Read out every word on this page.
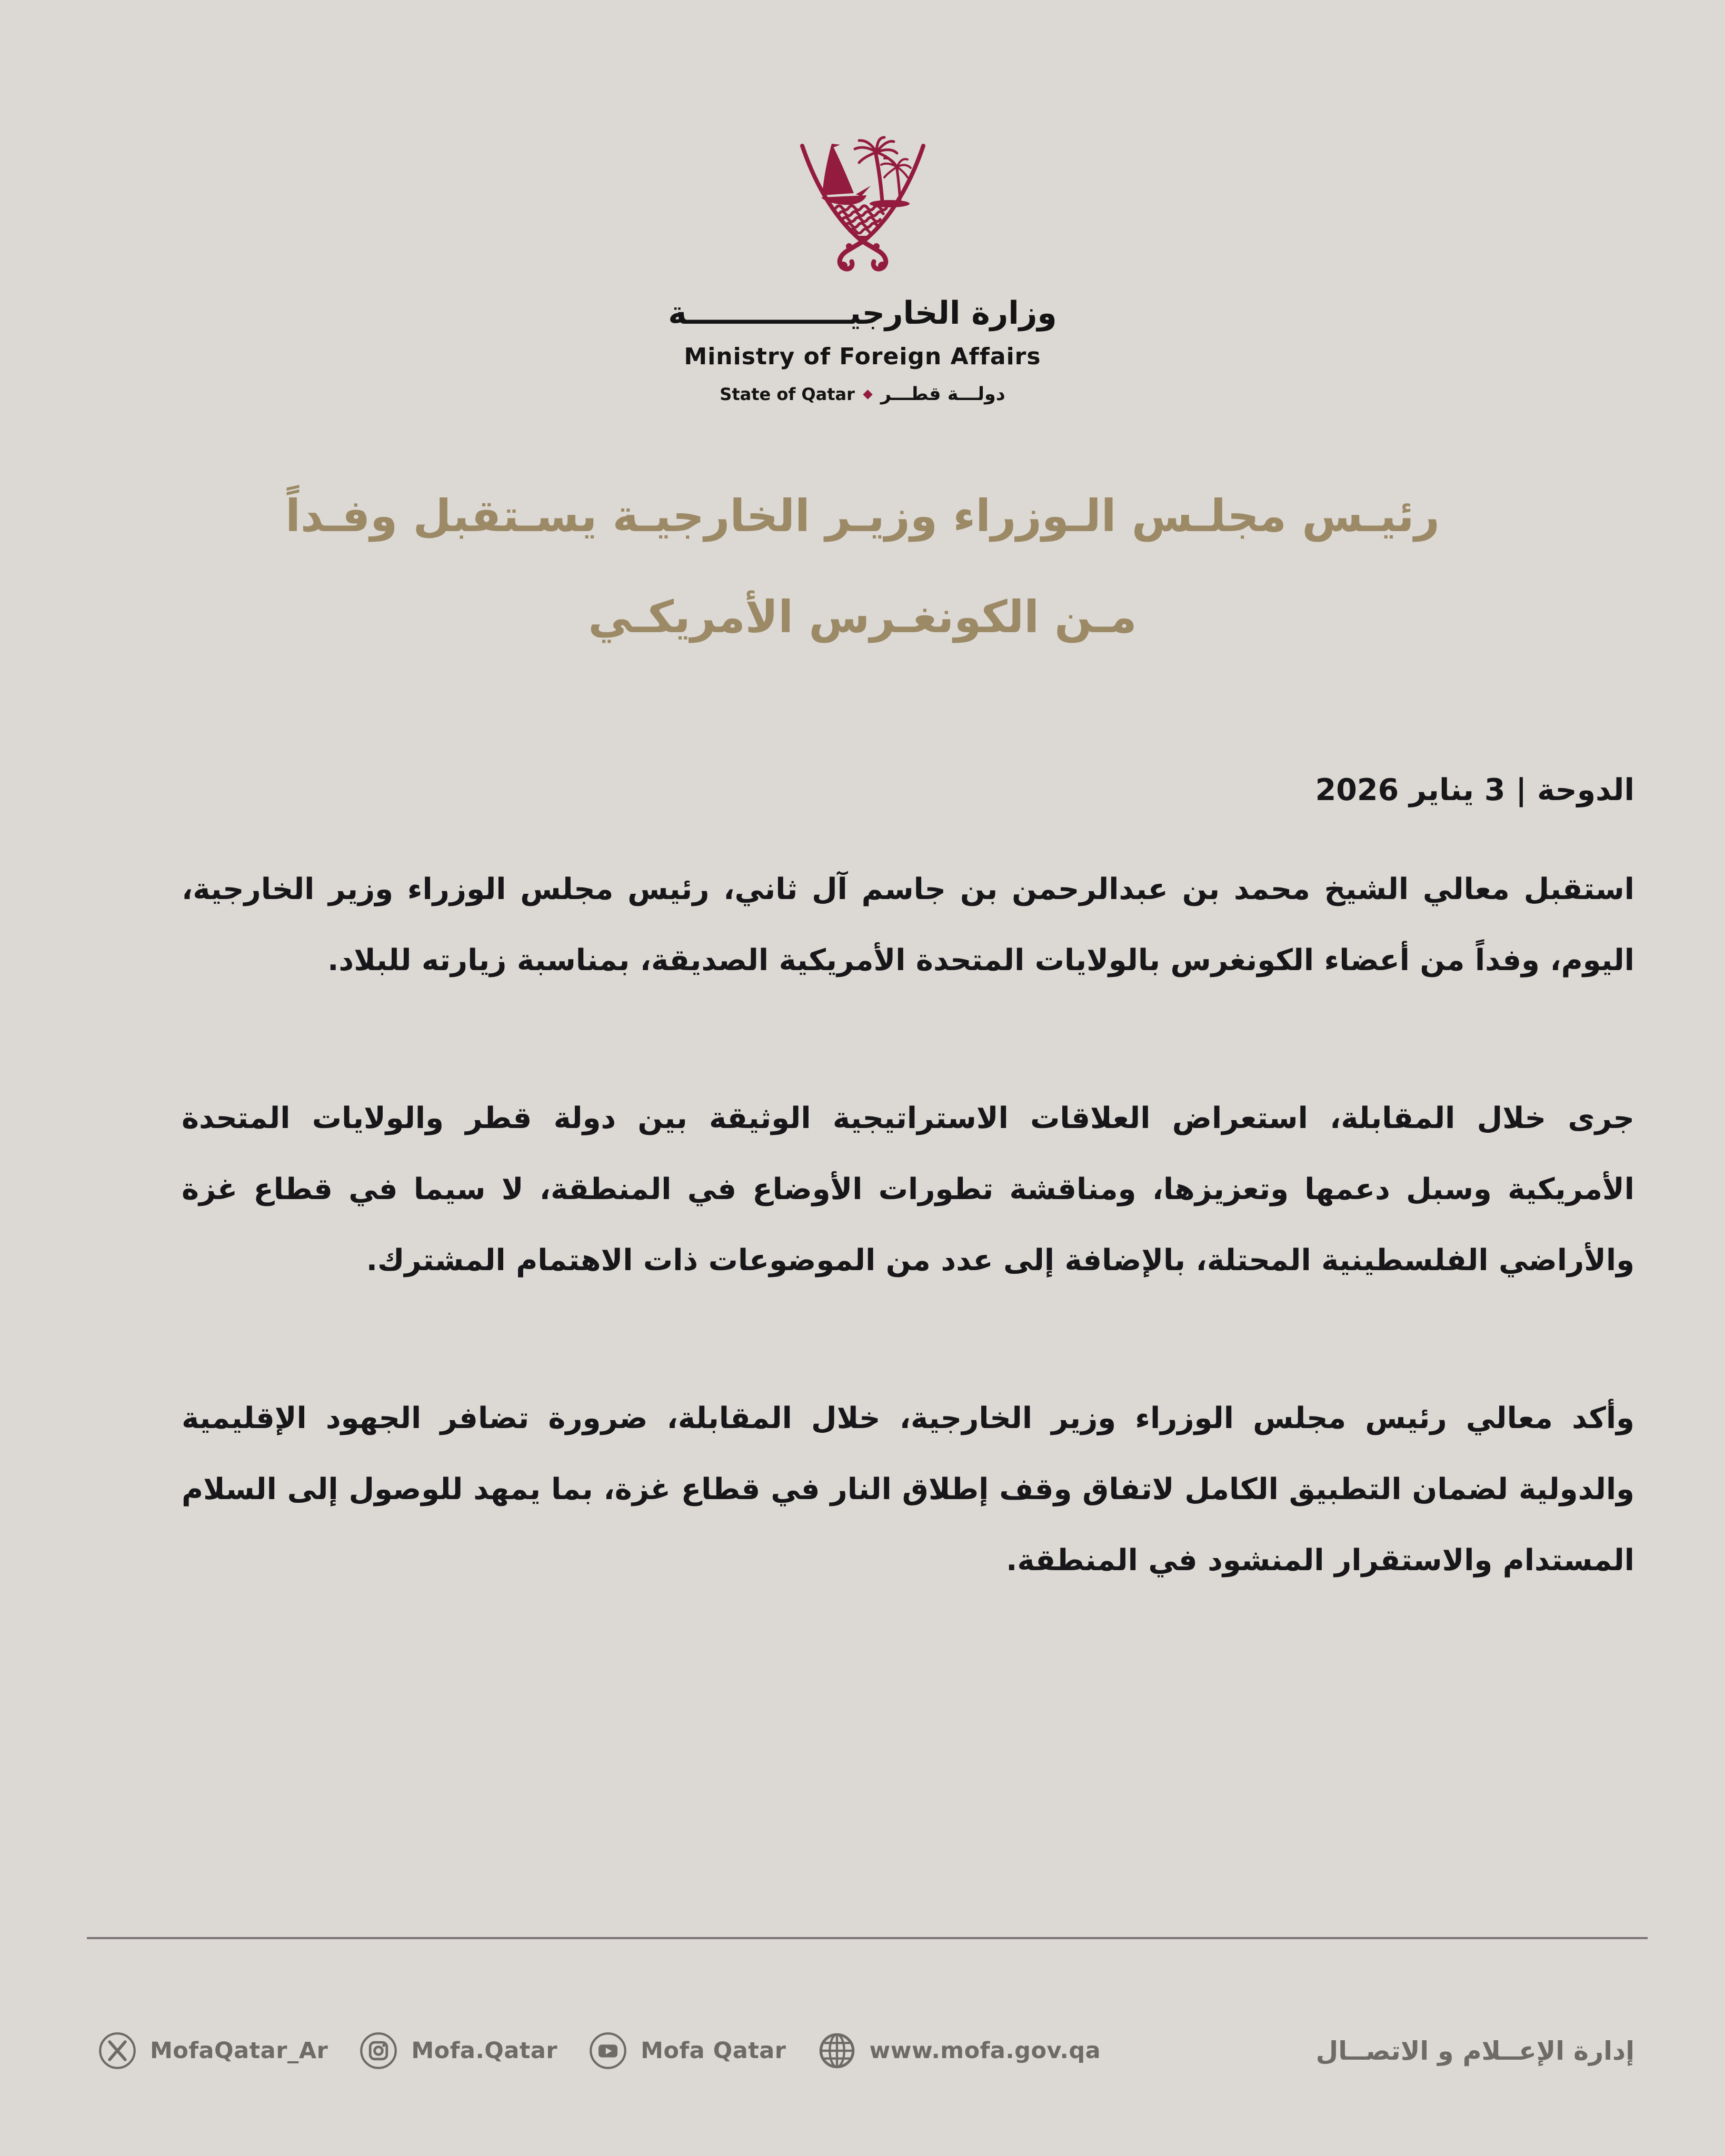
وزارة الخارجيـــــــــــــــة
Ministry of Foreign Affairs
State of Qatar دولـــة قطـــر
رئيـس مجلـس الـوزراء وزيـر الخارجيـة يسـتقبل وفـداً
مـن الكونغـرس الأمريكـي
الدوحة | 3 يناير 2026

استقبل معالي الشيخ محمد بن عبدالرحمن بن جاسم آل ثاني، رئيس مجلس الوزراء وزير الخارجية، اليوم، وفداً من أعضاء الكونغرس بالولايات المتحدة الأمريكية الصديقة، بمناسبة زيارته للبلاد.

جرى خلال المقابلة، استعراض العلاقات الاستراتيجية الوثيقة بين دولة قطر والولايات المتحدة الأمريكية وسبل دعمها وتعزيزها، ومناقشة تطورات الأوضاع في المنطقة، لا سيما في قطاع غزة والأراضي الفلسطينية المحتلة، بالإضافة إلى عدد من الموضوعات ذات الاهتمام المشترك.

وأكد معالي رئيس مجلس الوزراء وزير الخارجية، خلال المقابلة، ضرورة تضافر الجهود الإقليمية والدولية لضمان التطبيق الكامل لاتفاق وقف إطلاق النار في قطاع غزة، بما يمهد للوصول إلى السلام المستدام والاستقرار المنشود في المنطقة.

MofaQatar_Ar	Mofa.Qatar	Mofa Qatar	www.mofa.gov.qa	إدارة الإعــلام و الاتصــال
